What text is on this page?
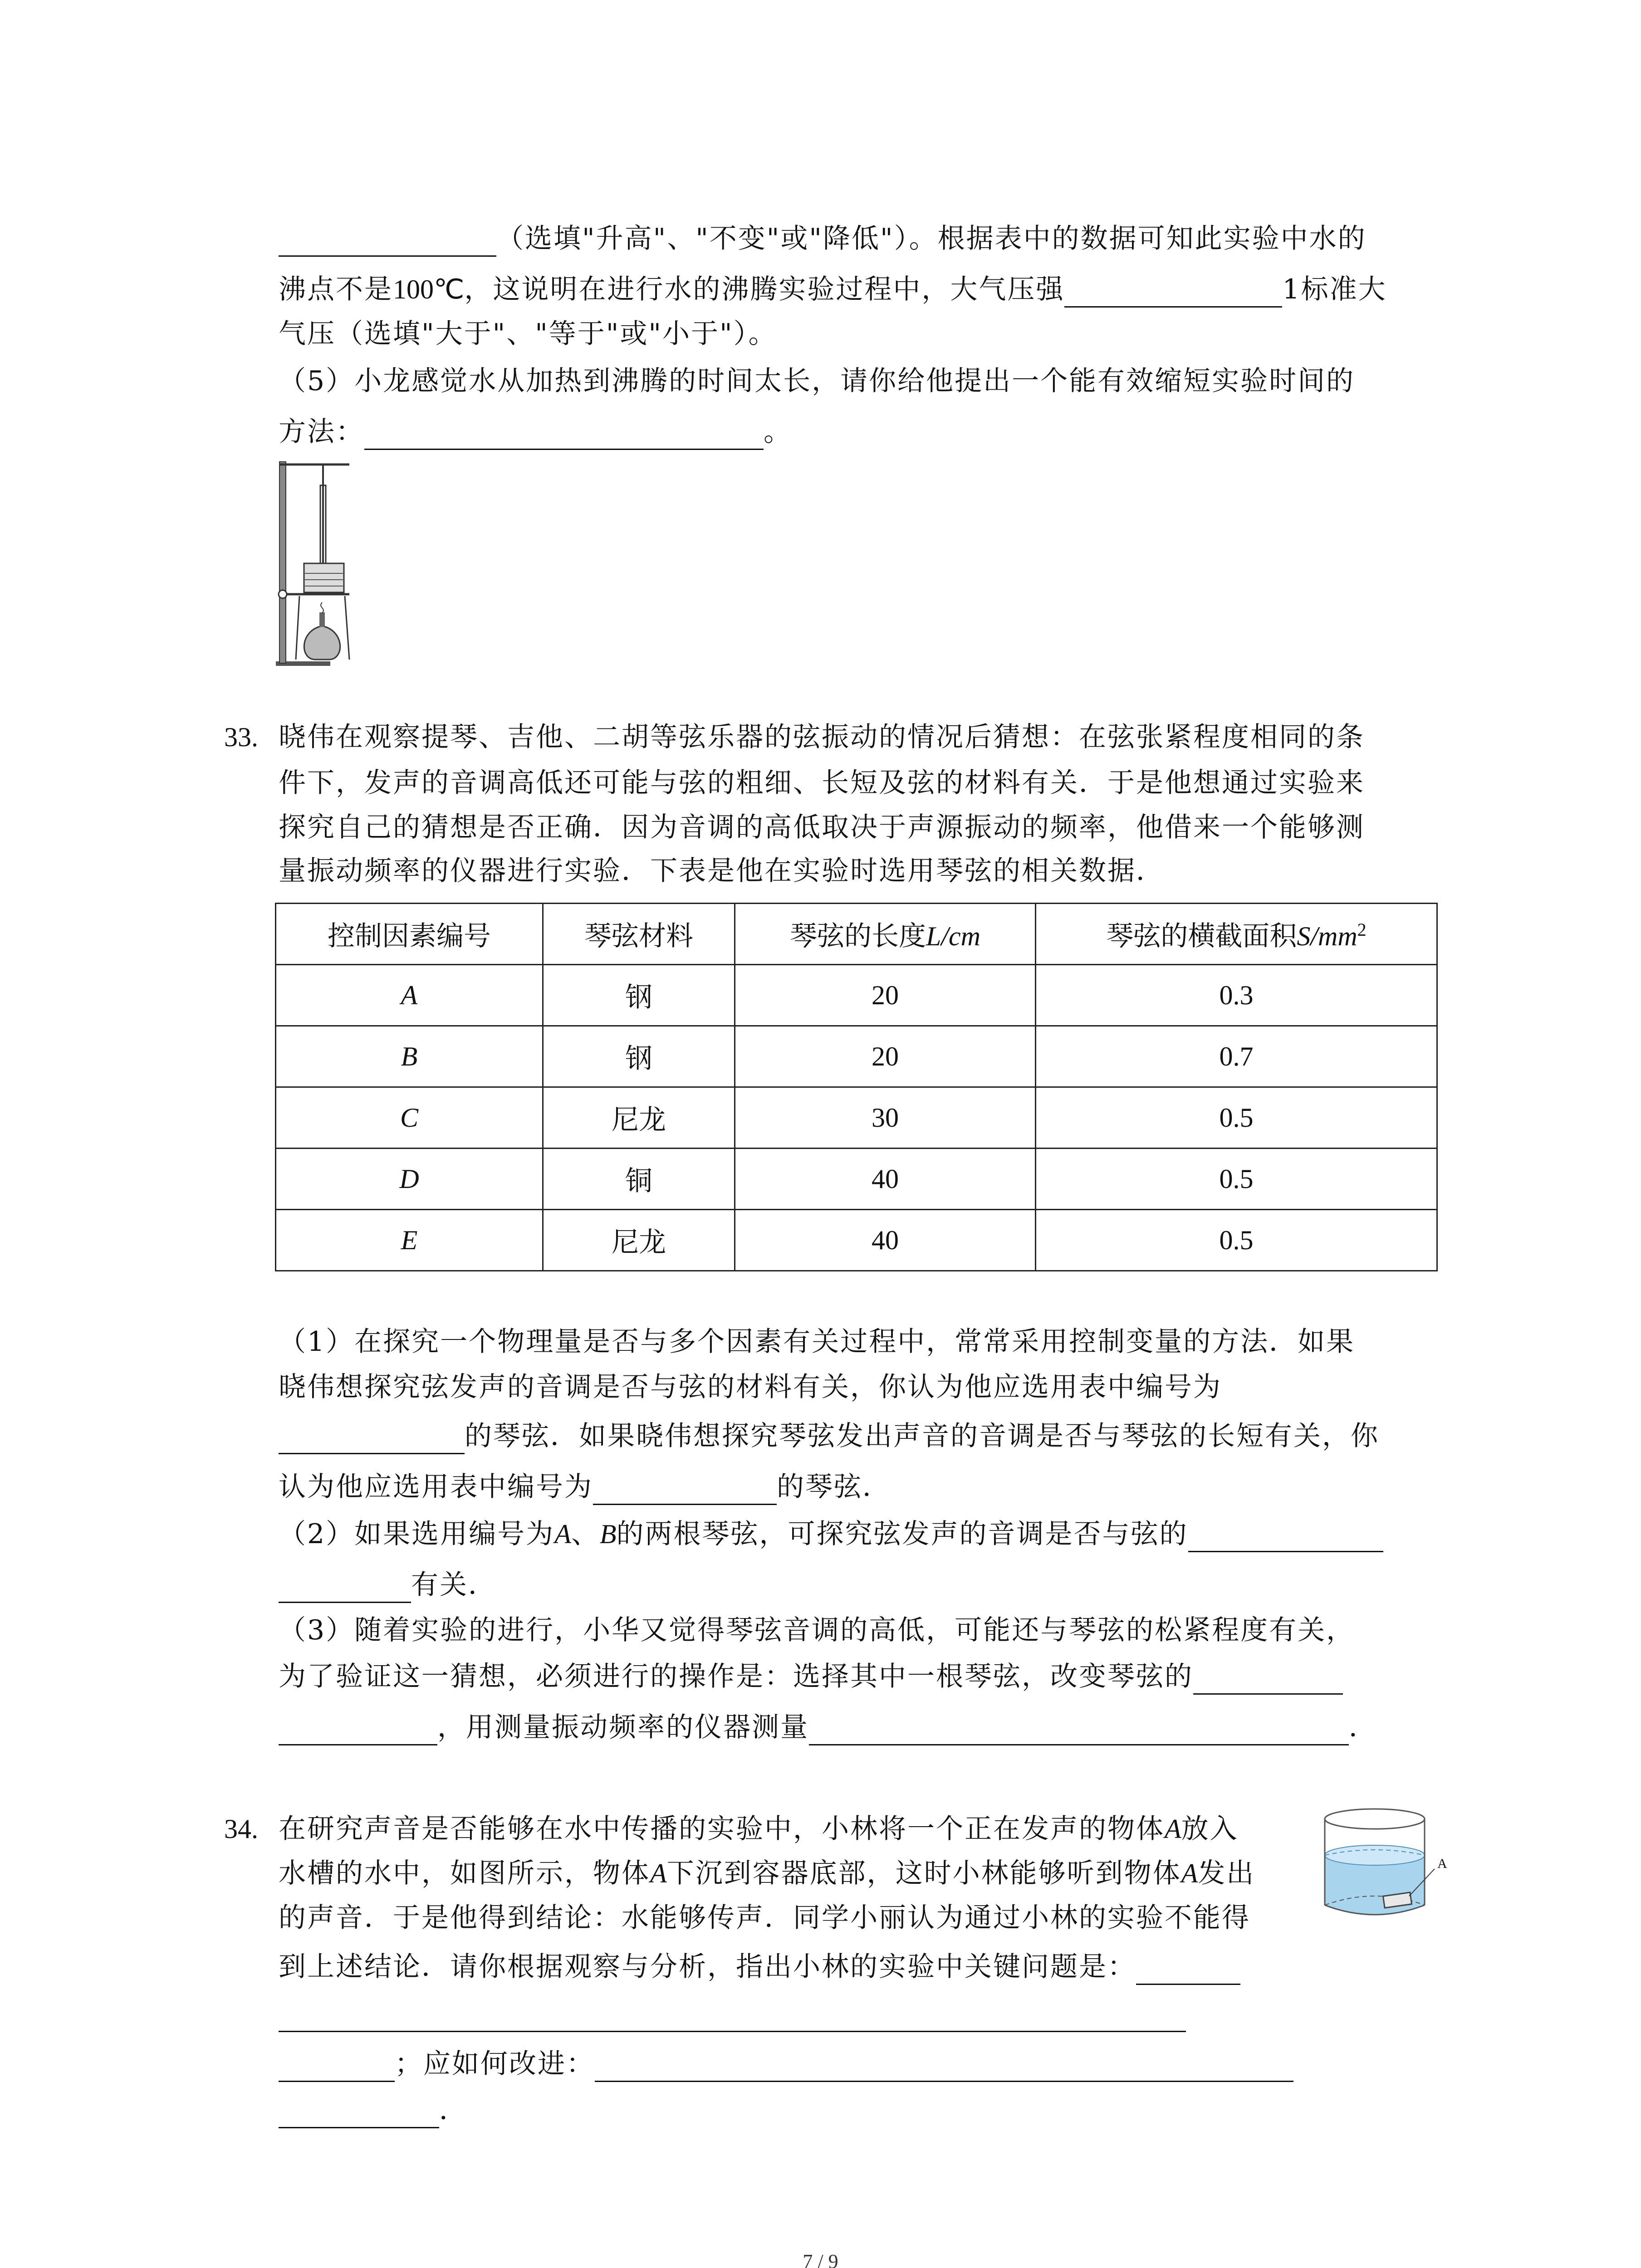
（选填"升高"、"不变"或"降低"）。根据表中的数据可知此实验中水的
沸点不是100℃，这说明在进行水的沸腾实验过程中，大气压强	1标准大
气压（选填"大于"、"等于"或"小于"）。
（5）小龙感觉水从加热到沸腾的时间太长，请你给他提出一个能有效缩短实验时间的
方法：	。
33. 晓伟在观察提琴、吉他、二胡等弦乐器的弦振动的情况后猜想：在弦张紧程度相同的条
件下，发声的音调高低还可能与弦的粗细、长短及弦的材料有关．于是他想通过实验来
探究自己的猜想是否正确．因为音调的高低取决于声源振动的频率，他借来一个能够测
量振动频率的仪器进行实验．下表是他在实验时选用琴弦的相关数据．
控制因素编号	琴弦材料	琴弦的长度L/cm	琴弦的横截面积$S/mm^2$
A	钢	20	0.3
B	钢	20	0.7
C	尼龙	30	0.5
D	铜	40	0.5
E	尼龙	40	0.5
（1）在探究一个物理量是否与多个因素有关过程中，常常采用控制变量的方法．如果
晓伟想探究弦发声的音调是否与弦的材料有关，你认为他应选用表中编号为
的琴弦．如果晓伟想探究琴弦发出声音的音调是否与琴弦的长短有关，你
认为他应选用表中编号为	的琴弦．
（2）如果选用编号为A、B的两根琴弦，可探究弦发声的音调是否与弦的
有关．
（3）随着实验的进行，小华又觉得琴弦音调的高低，可能还与琴弦的松紧程度有关，
为了验证这一猜想，必须进行的操作是：选择其中一根琴弦，改变琴弦的
，用测量振动频率的仪器测量	．
34. 在研究声音是否能够在水中传播的实验中，小林将一个正在发声的物体A放入
水槽的水中，如图所示，物体A下沉到容器底部，这时小林能够听到物体A发出
的声音．于是他得到结论：水能够传声．同学小丽认为通过小林的实验不能得
到上述结论．请你根据观察与分析，指出小林的实验中关键问题是：
；应如何改进：
．
A
7 / 9
